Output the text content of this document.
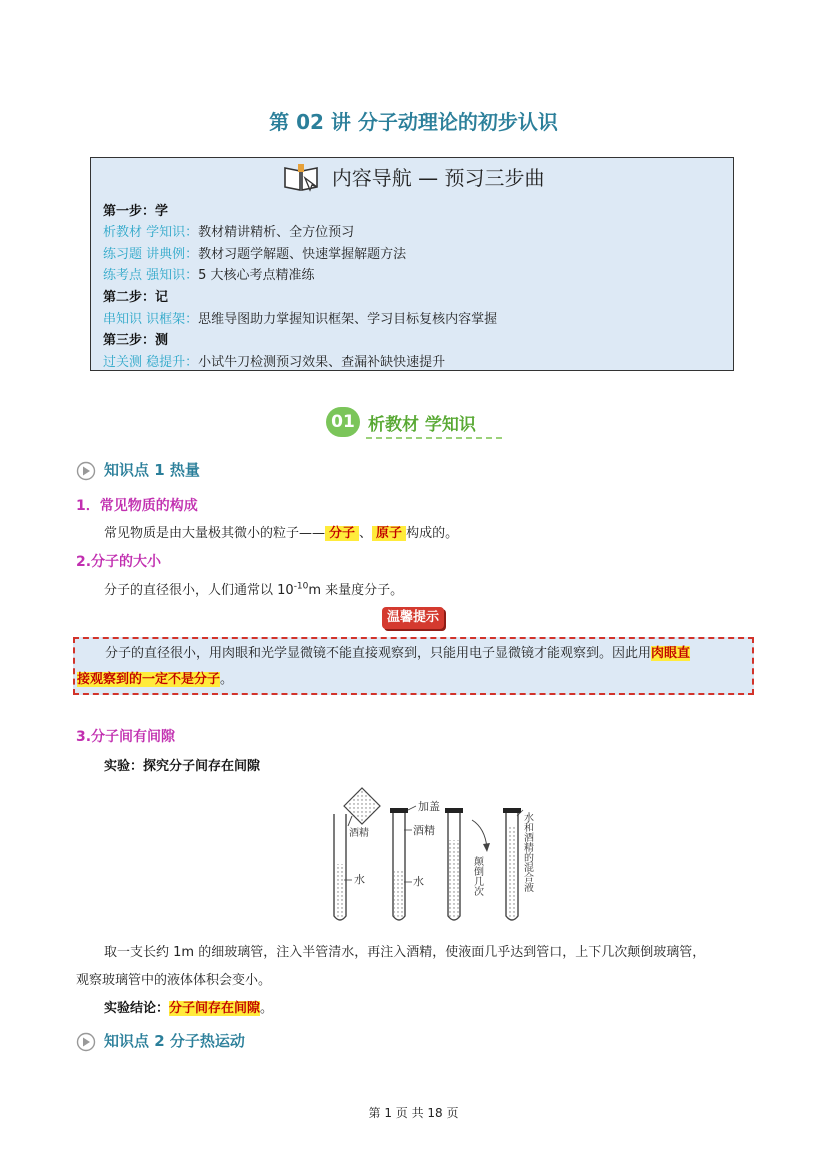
第 02 讲 分子动理论的初步认识
内容导航 — 预习三步曲
第一步：学
析教材 学知识：教材精讲精析、全方位预习
练习题 讲典例：教材习题学解题、快速掌握解题方法
练考点 强知识：5 大核心考点精准练
第二步：记
串知识 识框架：思维导图助力掌握知识框架、学习目标复核内容掌握
第三步：测
过关测 稳提升：小试牛刀检测预习效果、查漏补缺快速提升
01 析教材 学知识
知识点 1 热量
1．常见物质的构成
常见物质是由大量极其微小的粒子—— 分子 、 原子 构成的。
2.分子的大小
分子的直径很小，人们通常以 $10^{-10}m$ 来量度分子。
温馨提示
分子的直径很小，用肉眼和光学显微镜不能直接观察到，只能用电子显微镜才能观察到。因此用肉眼直
接观察到的一定不是分子。
3.分子间有间隙
实验：探究分子间存在间隙
加盖
酒精	酒精
水	水	颠倒几次	水和酒精的混合液
取一支长约 1m 的细玻璃管，注入半管清水，再注入酒精，使液面几乎达到管口，上下几次颠倒玻璃管，
观察玻璃管中的液体体积会变小。
实验结论：分子间存在间隙。
知识点 2 分子热运动
第 1 页 共 18 页
